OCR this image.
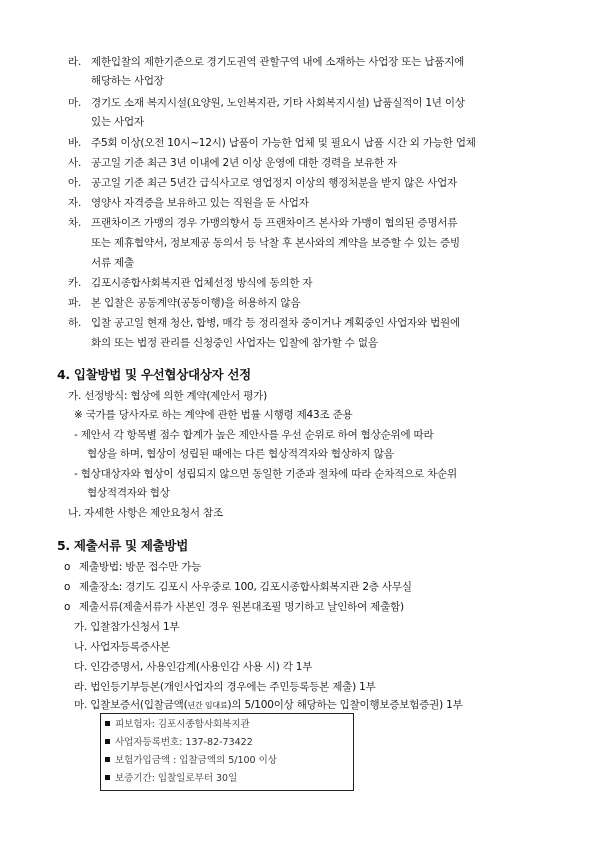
라. 제한입찰의 제한기준으로 경기도권역 관할구역 내에 소재하는 사업장 또는 납품지에
해당하는 사업장
마. 경기도 소재 복지시설(요양원, 노인복지관, 기타 사회복지시설) 납품실적이 1년 이상
있는 사업자
바. 주5회 이상(오전 10시~12시) 납품이 가능한 업체 및 필요시 납품 시간 외 가능한 업체
사. 공고일 기준 최근 3년 이내에 2년 이상 운영에 대한 경력을 보유한 자
아. 공고일 기준 최근 5년간 급식사고로 영업정지 이상의 행정처분을 받지 않은 사업자
자. 영양사 자격증을 보유하고 있는 직원을 둔 사업자
차. 프랜차이즈 가맹의 경우 가맹의향서 등 프랜차이즈 본사와 가맹이 협의된 증명서류
또는 제휴협약서, 정보제공 동의서 등 낙찰 후 본사와의 계약을 보증할 수 있는 증빙
서류 제출
카. 김포시종합사회복지관 업체선정 방식에 동의한 자
파. 본 입찰은 공동계약(공동이행)을 허용하지 않음
하. 입찰 공고일 현재 청산, 합병, 매각 등 정리절차 중이거나 계획중인 사업자와 법원에
화의 또는 법정 관리를 신청중인 사업자는 입찰에 참가할 수 없음
4. 입찰방법 및 우선협상대상자 선정
가. 선정방식: 협상에 의한 계약(제안서 평가)
※ 국가를 당사자로 하는 계약에 관한 법률 시행령 제43조 준용
- 제안서 각 항목별 점수 합계가 높은 제안사를 우선 순위로 하여 협상순위에 따라
협상을 하며, 협상이 성립된 때에는 다른 협상적격자와 협상하지 않음
- 협상대상자와 협상이 성립되지 않으면 동일한 기준과 절차에 따라 순차적으로 차순위
협상적격자와 협상
나. 자세한 사항은 제안요청서 참조
5. 제출서류 및 제출방법
o 제출방법: 방문 접수만 가능
o 제출장소: 경기도 김포시 사우중로 100, 김포시종합사회복지관 2층 사무실
o 제출서류(제출서류가 사본인 경우 원본대조필 명기하고 날인하여 제출함)
가. 입찰참가신청서 1부
나. 사업자등록증사본
다. 인감증명서, 사용인감계(사용인감 사용 시) 각 1부
라. 법인등기부등본(개인사업자의 경우에는 주민등록등본 제출) 1부
마. 입찰보증서(입찰금액(년간 임대료)의 5/100이상 해당하는 입찰이행보증보험증권) 1부
피보험자: 김포시종합사회복지관
사업자등록번호: 137-82-73422
보험가입금액 : 입찰금액의 5/100 이상
보증기간: 입찰일로부터 30일
